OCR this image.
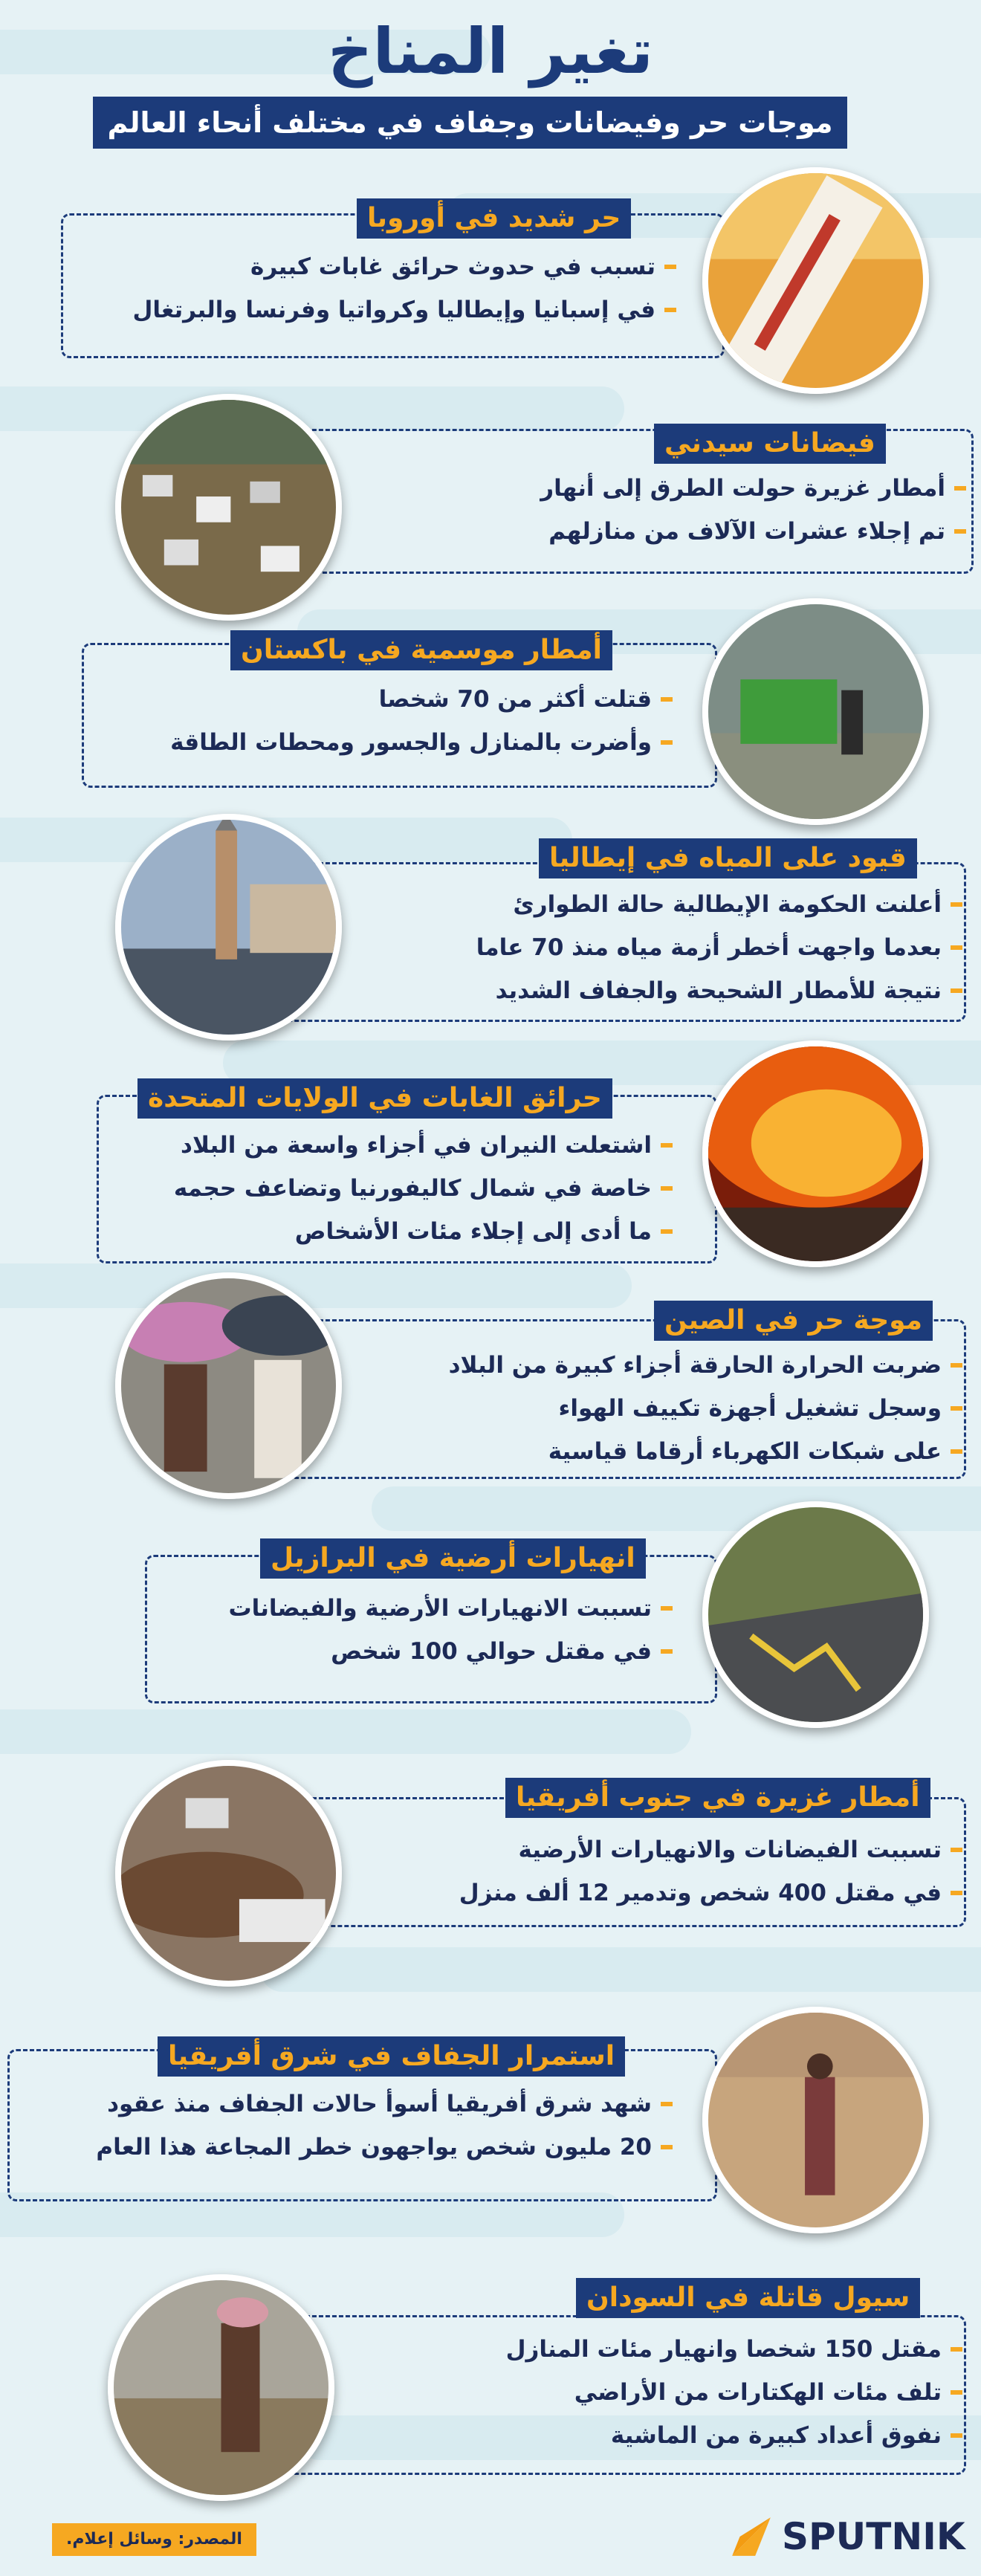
تغير المناخ
موجات حر وفيضانات وجفاف في مختلف أنحاء العالم
حر شديد في أوروبا
تسبب في حدوث حرائق غابات كبيرة
في إسبانيا وإيطاليا وكرواتيا وفرنسا والبرتغال
فيضانات سيدني
أمطار غزيرة حولت الطرق إلى أنهار
تم إجلاء عشرات الآلاف من منازلهم
أمطار موسمية في باكستان
قتلت أكثر من 70 شخصا
وأضرت بالمنازل والجسور ومحطات الطاقة
قيود على المياه في إيطاليا
أعلنت الحكومة الإيطالية حالة الطوارئ
بعدما واجهت أخطر أزمة مياه منذ 70 عاما
نتيجة للأمطار الشحيحة والجفاف الشديد
حرائق الغابات في الولايات المتحدة
اشتعلت النيران في أجزاء واسعة من البلاد
خاصة في شمال كاليفورنيا وتضاعف حجمه
ما أدى إلى إجلاء مئات الأشخاص
موجة حر في الصين
ضربت الحرارة الحارقة أجزاء كبيرة من البلاد
وسجل تشغيل أجهزة تكييف الهواء
على شبكات الكهرباء أرقاما قياسية
انهيارات أرضية في البرازيل
تسببت الانهيارات الأرضية والفيضانات
في مقتل حوالي 100 شخص
أمطار غزيرة في جنوب أفريقيا
تسببت الفيضانات والانهيارات الأرضية
في مقتل 400 شخص وتدمير 12 ألف منزل
استمرار الجفاف في شرق أفريقيا
شهد شرق أفريقيا أسوأ حالات الجفاف منذ عقود
20 مليون شخص يواجهون خطر المجاعة هذا العام
سيول قاتلة في السودان
مقتل 150 شخصا وانهيار مئات المنازل
تلف مئات الهكتارات من الأراضي
نفوق أعداد كبيرة من الماشية
المصدر: وسائل إعلام.	SPUTNIK
